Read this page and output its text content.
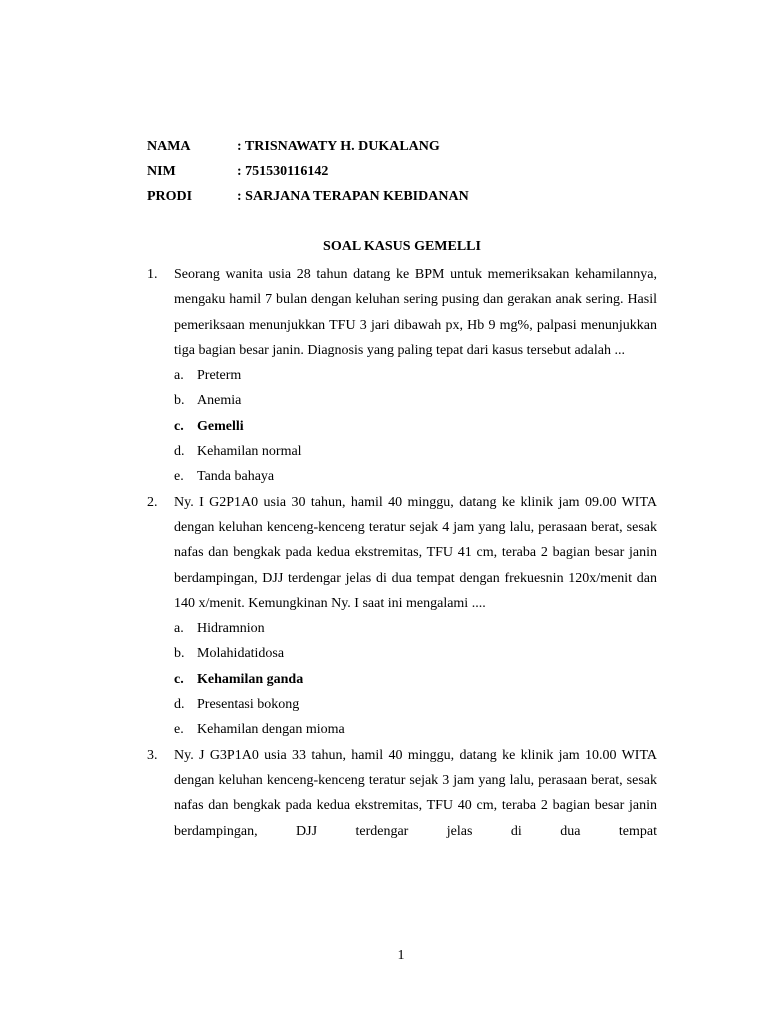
NAMA	: TRISNAWATY H. DUKALANG
NIM	: 751530116142
PRODI	: SARJANA TERAPAN KEBIDANAN
SOAL KASUS GEMELLI
1. Seorang wanita usia 28 tahun datang ke BPM untuk memeriksakan kehamilannya, mengaku hamil 7 bulan dengan keluhan sering pusing dan gerakan anak sering. Hasil pemeriksaan menunjukkan TFU 3 jari dibawah px, Hb 9 mg%, palpasi menunjukkan tiga bagian besar janin. Diagnosis yang paling tepat dari kasus tersebut adalah ...
a. Preterm
b. Anemia
c. Gemelli
d. Kehamilan normal
e. Tanda bahaya
2. Ny. I G2P1A0 usia 30 tahun, hamil 40 minggu, datang ke klinik jam 09.00 WITA dengan keluhan kenceng-kenceng teratur sejak 4 jam yang lalu, perasaan berat, sesak nafas dan bengkak pada kedua ekstremitas, TFU 41 cm, teraba 2 bagian besar janin berdampingan, DJJ terdengar jelas di dua tempat dengan frekuesnin 120x/menit dan 140 x/menit. Kemungkinan Ny. I saat ini mengalami ....
a. Hidramnion
b. Molahidatidosa
c. Kehamilan ganda
d. Presentasi bokong
e. Kehamilan dengan mioma
3. Ny. J G3P1A0 usia 33 tahun, hamil 40 minggu, datang ke klinik jam 10.00 WITA dengan keluhan kenceng-kenceng teratur sejak 3 jam yang lalu, perasaan berat, sesak nafas dan bengkak pada kedua ekstremitas, TFU 40 cm, teraba 2 bagian besar janin berdampingan, DJJ terdengar jelas di dua tempat
1
